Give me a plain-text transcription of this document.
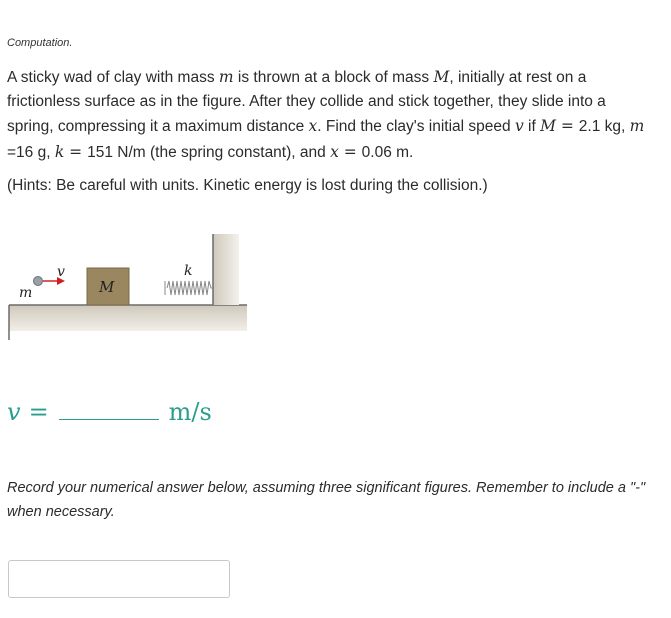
Computation.
A sticky wad of clay with mass m is thrown at a block of mass M, initially at rest on a frictionless surface as in the figure. After they collide and stick together, they slide into a spring, compressing it a maximum distance x. Find the clay's initial speed v if M = 2.1 kg, m =16 g, k = 151 N/m (the spring constant), and x = 0.06 m.
(Hints: Be careful with units. Kinetic energy is lost during the collision.)
v
m	M
k
v =	m/s
Record your numerical answer below, assuming three significant figures. Remember to include a "-" when necessary.
